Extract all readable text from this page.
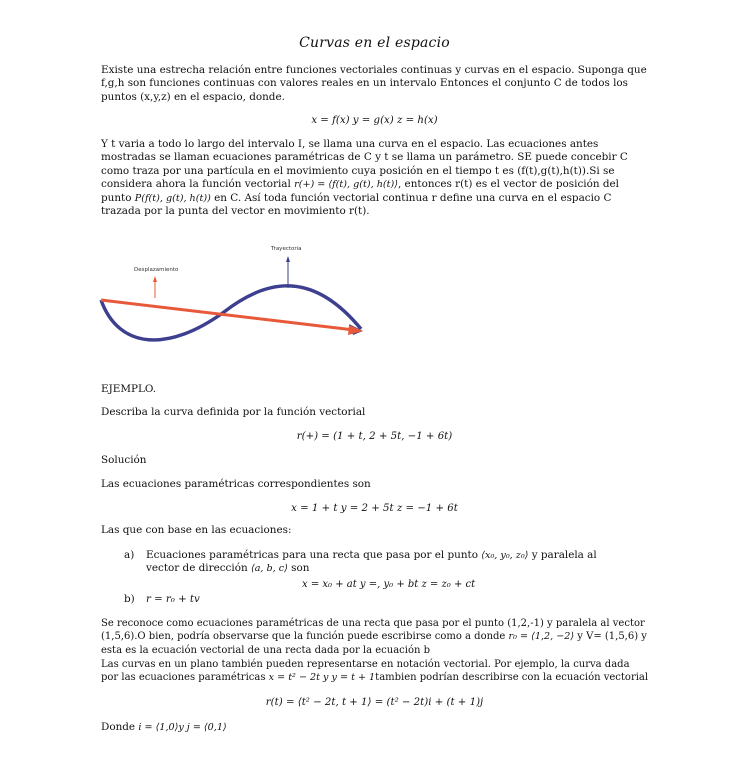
Curvas en el espacio
Existe una estrecha relación entre funciones vectoriales continuas y curvas en el espacio. Suponga que f,g,h son funciones continuas con valores reales en un intervalo Entonces el conjunto C de todos los puntos (x,y,z) en el espacio, donde.
x = f(x) y = g(x) z = h(x)
Y t varia a todo lo largo del intervalo I, se llama una curva en el espacio. Las ecuaciones antes mostradas se llaman ecuaciones paramétricas de C y t se llama un parámetro. SE puede concebir C como traza por una partícula en el movimiento cuya posición en el tiempo t es (f(t),g(t),h(t)).Si se considera ahora la función vectorial r(+) = ⟨f(t), g(t), h(t)⟩, entonces r(t) es el vector de posición del punto P(f(t), g(t), h(t)) en C. Así toda función vectorial continua r define una curva en el espacio C trazada por la punta del vector en movimiento r(t).
Trayectoria
Desplazamiento
EJEMPLO.
Describa la curva definida por la función vectorial
r(+) = (1 + t, 2 + 5t, −1 + 6t)
Solución
Las ecuaciones paramétricas correspondientes son
x = 1 + t y = 2 + 5t z = −1 + 6t
Las que con base en las ecuaciones:
a) Ecuaciones paramétricas para una recta que pasa por el punto ⟨x₀, y₀, z₀⟩ y paralela al vector de dirección ⟨a, b, c⟩ son
x = x₀ + at y =, y₀ + bt z = z₀ + ct
b) r = r₀ + tv
Se reconoce como ecuaciones paramétricas de una recta que pasa por el punto (1,2,-1) y paralela al vector (1,5,6).O bien, podría observarse que la función puede escribirse como a donde r₀ = ⟨1,2, −2⟩ y V= (1,5,6) y esta es la ecuación vectorial de una recta dada por la ecuación b
Las curvas en un plano también pueden representarse en notación vectorial. Por ejemplo, la curva dada por las ecuaciones paramétricas x = t² − 2t y y = t + 1tambien podrían describirse con la ecuación vectorial
r(t) = ⟨t² − 2t, t + 1⟩ = (t² − 2t)i + (t + 1)j
Donde i = ⟨1,0⟩y j = ⟨0,1⟩
